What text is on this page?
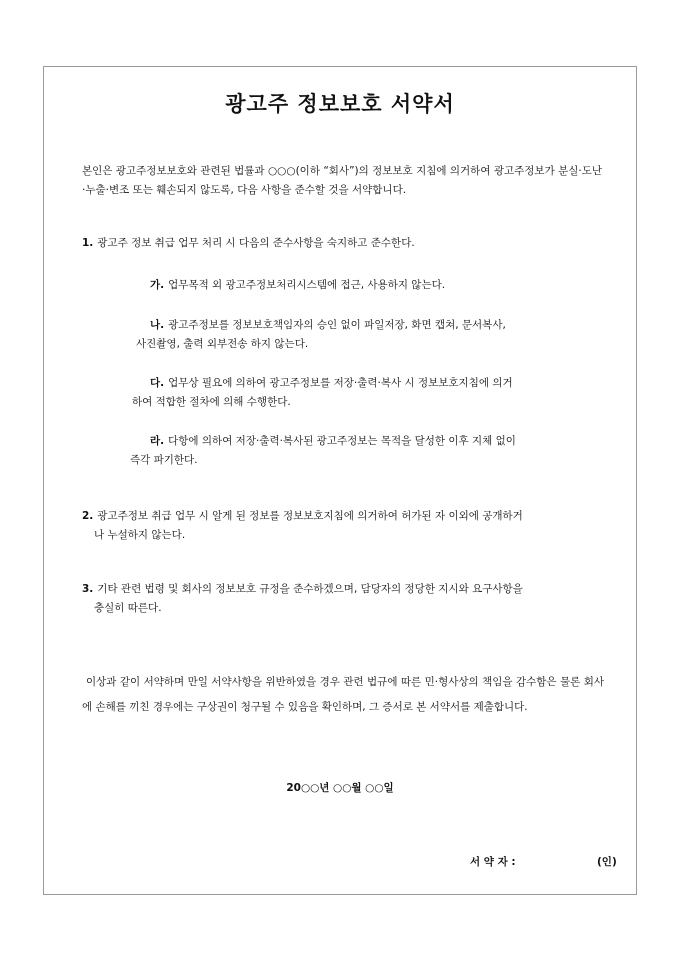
광고주 정보보호 서약서
본인은 광고주정보보호와 관련된 법률과 ○○○(이하 “회사”)의 정보보호 지침에 의거하여 광고주정보가 분실·도난·누출·변조 또는 훼손되지 않도록, 다음 사항을 준수할 것을 서약합니다.
1. 광고주 정보 취급 업무 처리 시 다음의 준수사항을 숙지하고 준수한다.
가. 업무목적 외 광고주정보처리시스템에 접근, 사용하지 않는다.
나. 광고주정보를 정보보호책임자의 승인 없이 파일저장, 화면 캡쳐, 문서복사,
사진촬영, 출력 외부전송 하지 않는다.
다. 업무상 필요에 의하여 광고주정보를 저장·출력·복사 시 정보보호지침에 의거
하여 적합한 절차에 의해 수행한다.
라. 다항에 의하여 저장·출력·복사된 광고주정보는 목적을 달성한 이후 지체 없이
즉각 파기한다.
2. 광고주정보 취급 업무 시 알게 된 정보를 정보보호지침에 의거하여 허가된 자 이외에 공개하거
나 누설하지 않는다.
3. 기타 관련 법령 및 회사의 정보보호 규정을 준수하겠으며, 담당자의 정당한 지시와 요구사항을
충실히 따른다.
이상과 같이 서약하며 만일 서약사항을 위반하였을 경우 관련 법규에 따른 민·형사상의 책임을 감수함은 물론 회사에 손해를 끼친 경우에는 구상권이 청구될 수 있음을 확인하며, 그 증서로 본 서약서를 제출합니다.
20○○년 ○○월 ○○일
서 약 자 :	(인)
